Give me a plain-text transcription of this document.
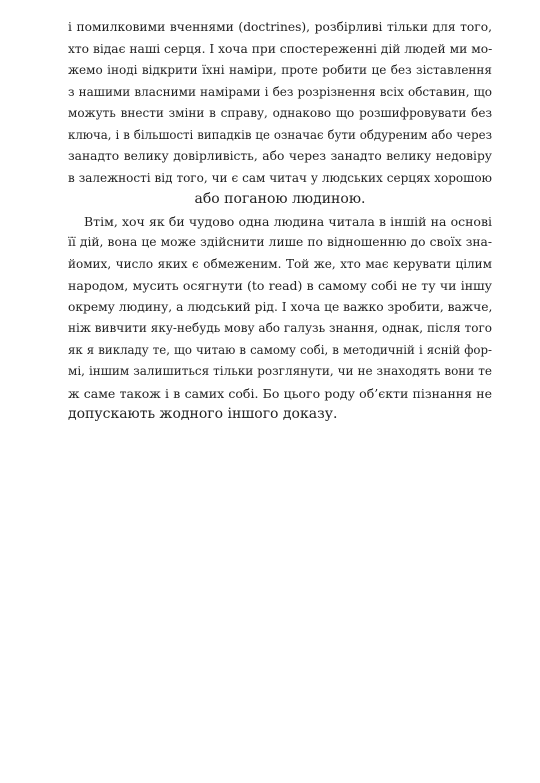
і помилковими вченнями (doctrines), розбірливі тільки для того,
хто відає наші серця. І хоча при спостереженні дій людей ми мо-
жемо іноді відкрити їхні наміри, проте робити це без зіставлення
з нашими власними намірами і без розрізнення всіх обставин, що
можуть внести зміни в справу, однаково що розшифровувати без
ключа, і в більшості випадків це означає бути обдуреним або через
занадто велику довірливість, або через занадто велику недовіру
в залежності від того, чи є сам читач у людських серцях хорошою
або поганою людиною.
Втім, хоч як би чудово одна людина читала в іншій на основі
її дій, вона це може здійснити лише по відношенню до своїх зна-
йомих, число яких є обмеженим. Той же, хто має керувати цілим
народом, мусить осягнути (to read) в самому собі не ту чи іншу
окрему людину, а людський рід. І хоча це важко зробити, важче,
ніж вивчити яку-небудь мову або галузь знання, однак, після того
як я викладу те, що читаю в самому собі, в методичній і ясній фор-
мі, іншим залишиться тільки розглянути, чи не знаходять вони те
ж саме також і в самих собі. Бо цього роду об’єкти пізнання не
допускають жодного іншого доказу.
